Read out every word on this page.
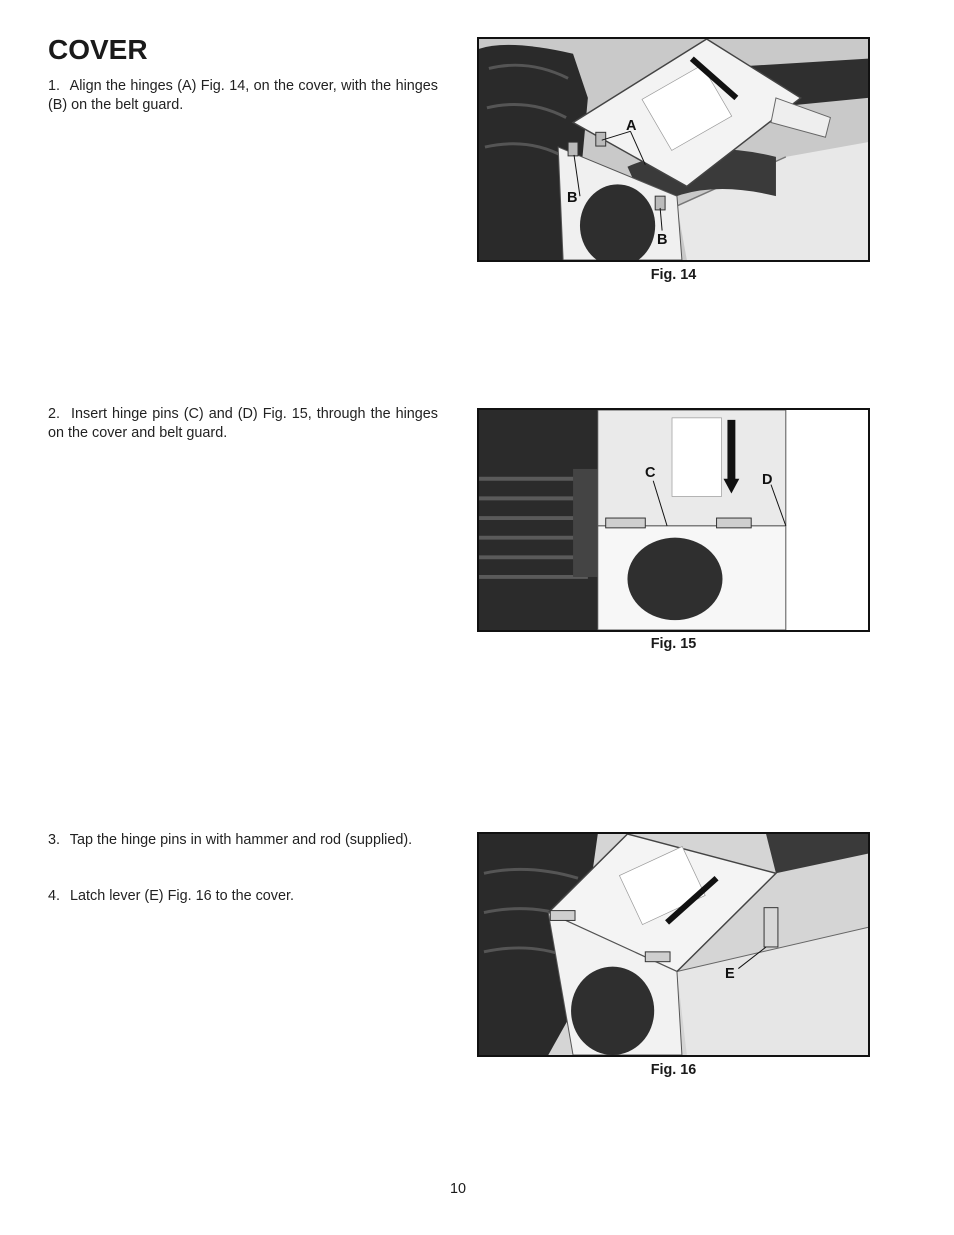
COVER
1. Align the hinges (A) Fig. 14, on the cover, with the hinges (B) on the belt guard.
A
B
B
Fig. 14
2. Insert hinge pins (C) and (D) Fig. 15, through the hinges on the cover and belt guard.
C	D
Fig. 15
3. Tap the hinge pins in with hammer and rod (supplied).
4. Latch lever (E) Fig. 16 to the cover.
E
Fig. 16
10
